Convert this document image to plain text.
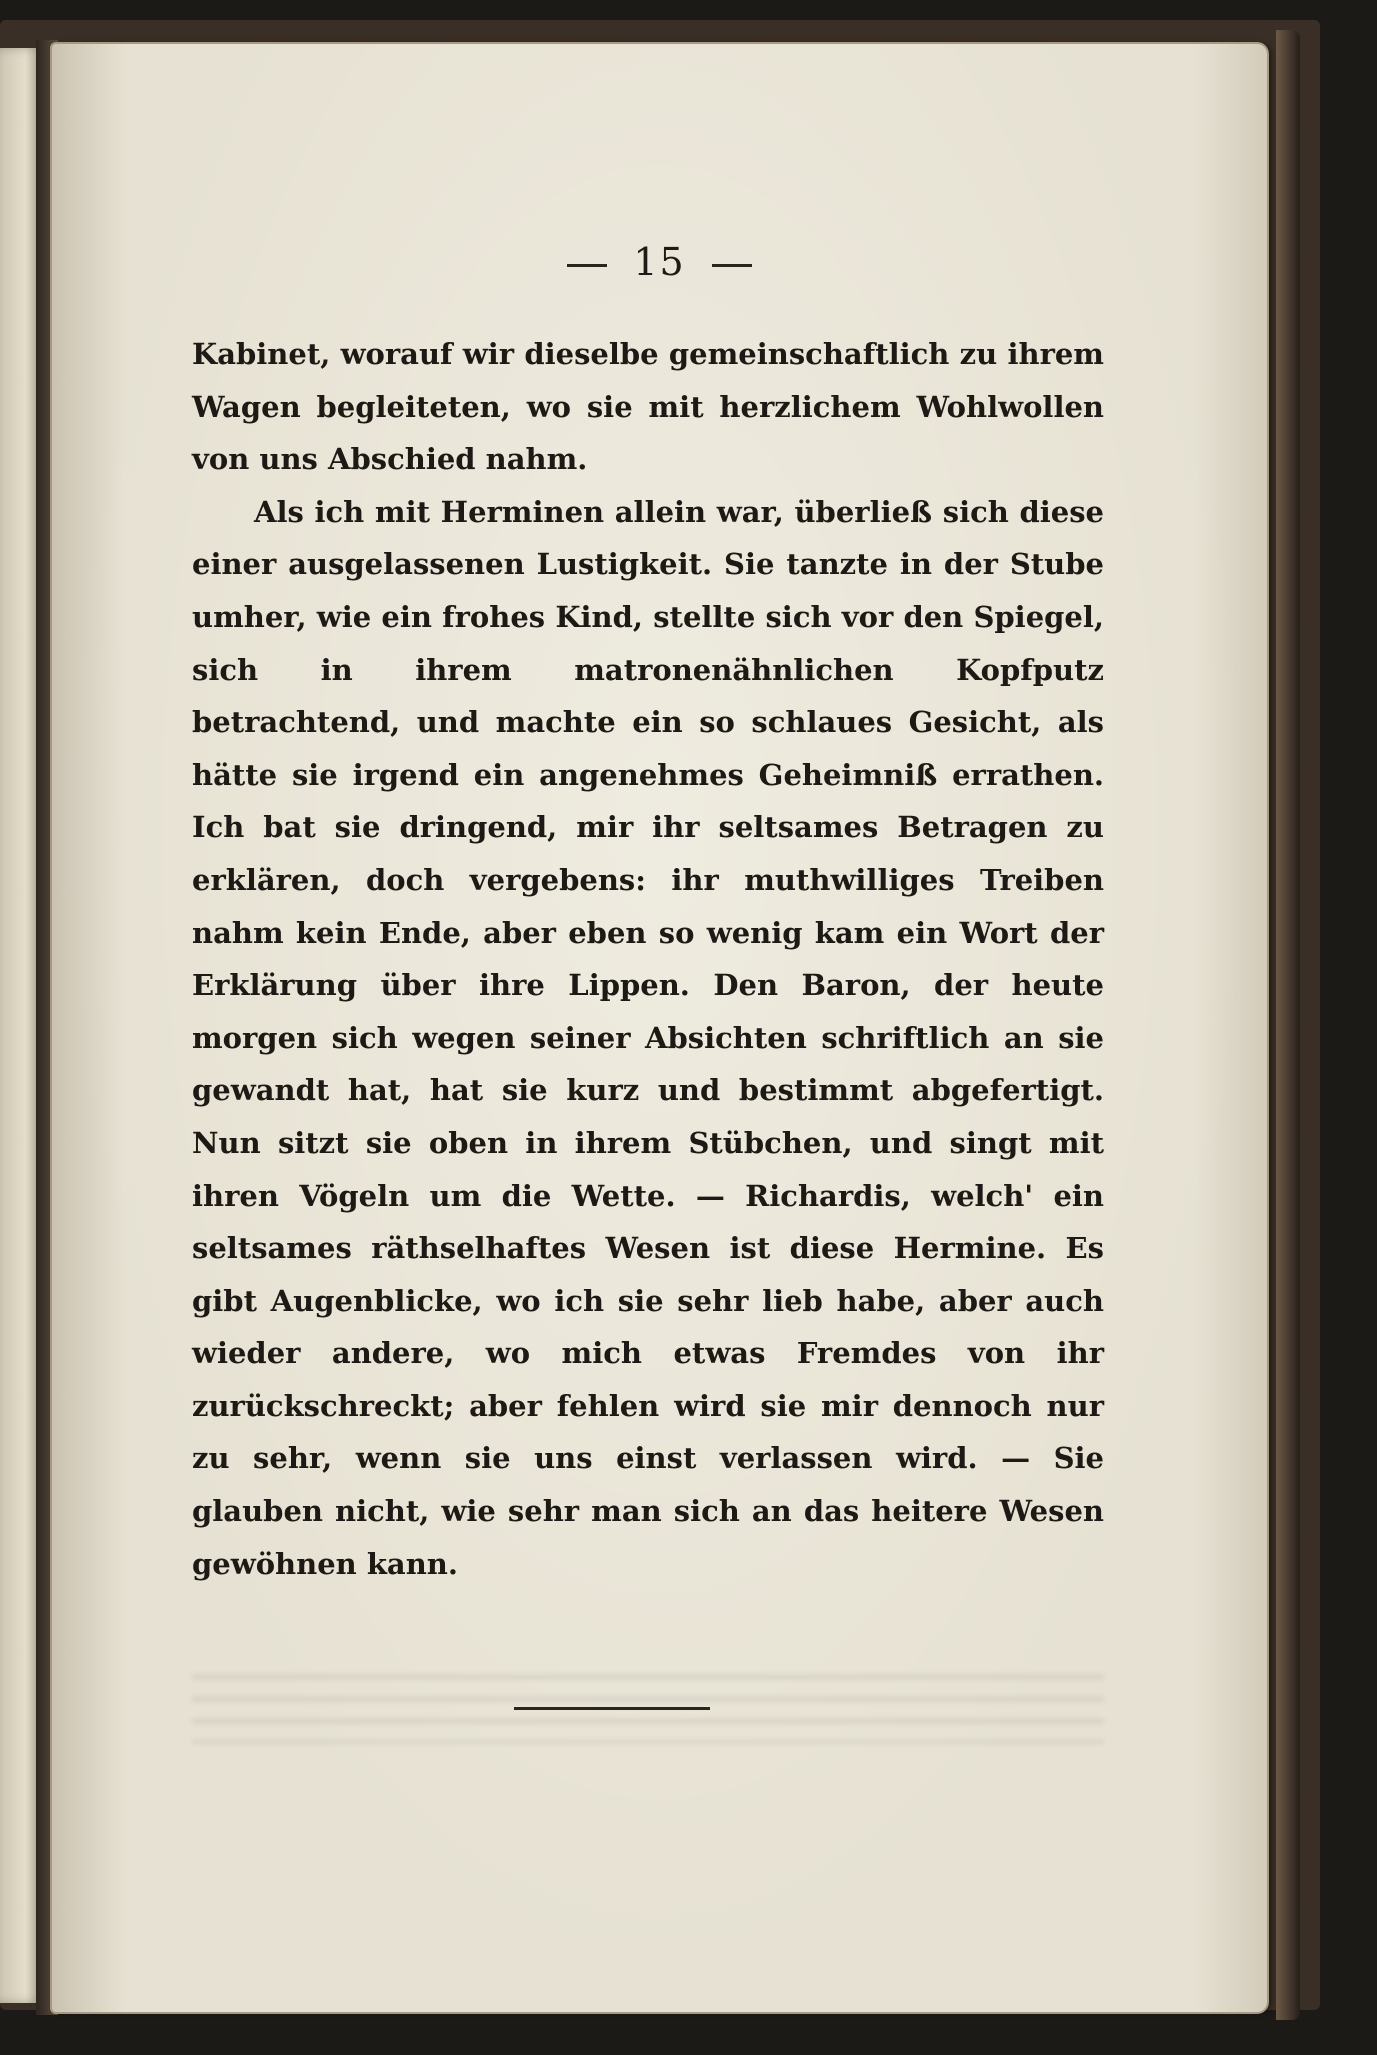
15

Kabinet, worauf wir dieselbe gemeinschaftlich zu ihrem Wagen begleiteten, wo sie mit herzlichem Wohlwollen von uns Abschied nahm.

Als ich mit Herminen allein war, überließ sich diese einer ausgelassenen Lustigkeit. Sie tanzte in der Stube umher, wie ein frohes Kind, stellte sich vor den Spiegel, sich in ihrem matronenähnlichen Kopfputz betrachtend, und machte ein so schlaues Gesicht, als hätte sie irgend ein angenehmes Geheimniß errathen. Ich bat sie dringend, mir ihr seltsames Betragen zu erklären, doch vergebens: ihr muthwilliges Treiben nahm kein Ende, aber eben so wenig kam ein Wort der Erklärung über ihre Lippen. Den Baron, der heute morgen sich wegen seiner Absichten schriftlich an sie gewandt hat, hat sie kurz und bestimmt abgefertigt. Nun sitzt sie oben in ihrem Stübchen, und singt mit ihren Vögeln um die Wette. — Richardis, welch' ein seltsames räthselhaftes Wesen ist diese Hermine. Es gibt Augenblicke, wo ich sie sehr lieb habe, aber auch wieder andere, wo mich etwas Fremdes von ihr zurückschreckt; aber fehlen wird sie mir dennoch nur zu sehr, wenn sie uns einst verlassen wird. — Sie glauben nicht, wie sehr man sich an das heitere Wesen gewöhnen kann.
